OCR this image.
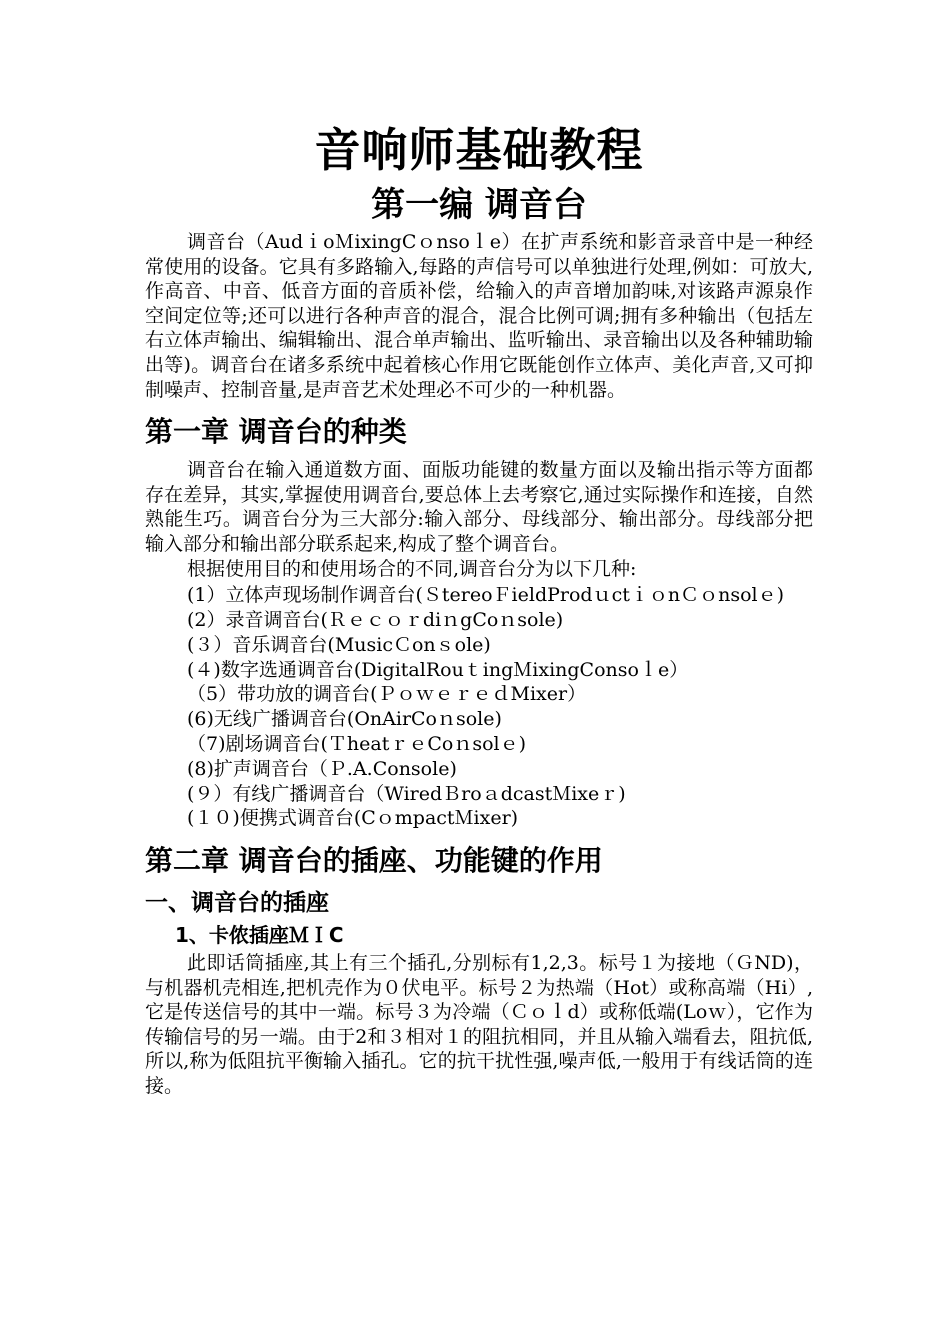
音响师基础教程
第一编 调音台

调音台（AudｉoＭixingCｏnsoｌe）在扩声系统和影音录音中是一种经常使用的设备。它具有多路输入,每路的声信号可以单独进行处理,例如：可放大,作高音、中音、低音方面的音质补偿，给输入的声音增加韵味,对该路声源泉作空间定位等;还可以进行各种声音的混合，混合比例可调;拥有多种输出（包括左右立体声输出、编辑输出、混合单声输出、监听输出、录音输出以及各种辅助输出等)。调音台在诸多系统中起着核心作用它既能创作立体声、美化声音,又可抑制噪声、控制音量,是声音艺术处理必不可少的一种机器。

第一章 调音台的种类

调音台在输入通道数方面、面版功能键的数量方面以及输出指示等方面都存在差异，其实,掌握使用调音台,要总体上去考察它,通过实际操作和连接，自然熟能生巧。调音台分为三大部分:输入部分、母线部分、输出部分。母线部分把输入部分和输出部分联系起来,构成了整个调音台。

根据使用目的和使用场合的不同,调音台分为以下几种:

(1）立体声现场制作调音台(ＳtereoＦieldProdｕctｉｏnＣｏnsolｅ)

(2）录音调音台(ＲｅｃｏｒdiｎgCoｎsole)

(３）音乐调音台(MusicＣonｓole)

(４)数字选通调音台(DigitalRouｔingＭixingConsoｌe）

（5）带功放的调音台(ＰｏｗｅｒｅｄMixer）

(6)无线广播调音台(OnAirCoｎsole)

（7)剧场调音台(ＴheatｒｅCoｎsolｅ)

(8)扩声调音台（Ｐ.A.Console)

(９）有线广播调音台（WiredＢroａdcastＭixeｒ)

(１０)便携式调音台(CｏmpactＭixer)

第二章 调音台的插座、功能键的作用
一、调音台的插座
1、卡侬插座ＭＩC

此即话筒插座,其上有三个插孔,分别标有1,2,3。标号１为接地（ＧND)，与机器机壳相连,把机壳作为０伏电平。标号２为热端（Hot）或称高端（Hi）,它是传送信号的其中一端。标号３为冷端（Ｃｏｌd）或称低端(Loｗ），它作为传输信号的另一端。由于2和３相对１的阻抗相同，并且从输入端看去，阻抗低,所以,称为低阻抗平衡输入插孔。它的抗干扰性强,噪声低,一般用于有线话筒的连接。
